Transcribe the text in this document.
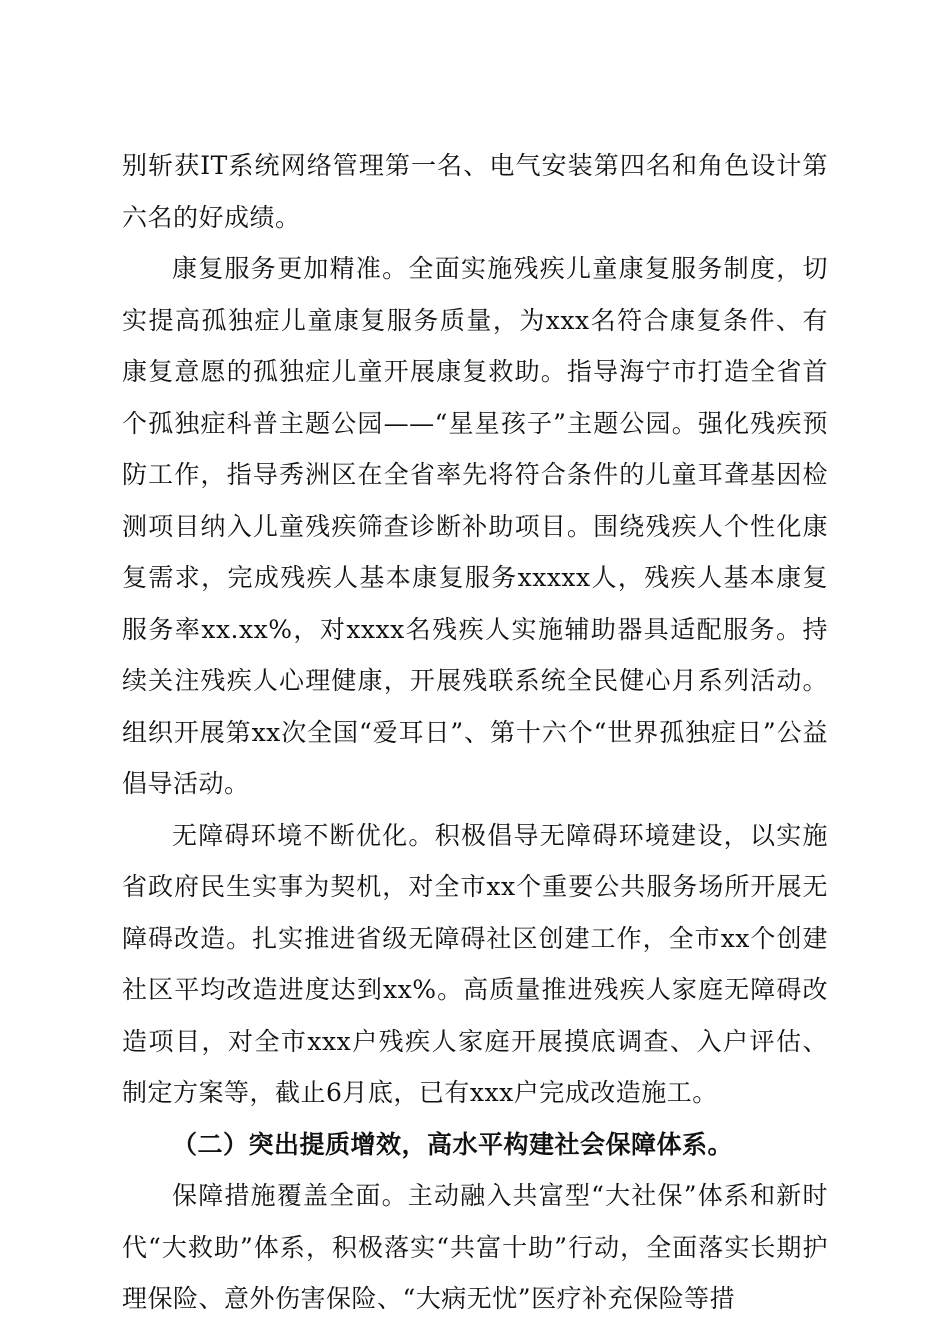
别斩获IT系统网络管理第一名、电气安装第四名和角色设计第六名的好成绩。

康复服务更加精准。全面实施残疾儿童康复服务制度，切实提高孤独症儿童康复服务质量，为xxx名符合康复条件、有康复意愿的孤独症儿童开展康复救助。指导海宁市打造全省首个孤独症科普主题公园——“星星孩子”主题公园。强化残疾预防工作，指导秀洲区在全省率先将符合条件的儿童耳聋基因检测项目纳入儿童残疾筛查诊断补助项目。围绕残疾人个性化康复需求，完成残疾人基本康复服务xxxxx人，残疾人基本康复服务率xx.xx%，对xxxx名残疾人实施辅助器具适配服务。持续关注残疾人心理健康，开展残联系统全民健心月系列活动。组织开展第xx次全国“爱耳日”、第十六个“世界孤独症日”公益倡导活动。

无障碍环境不断优化。积极倡导无障碍环境建设，以实施省政府民生实事为契机，对全市xx个重要公共服务场所开展无障碍改造。扎实推进省级无障碍社区创建工作，全市xx个创建社区平均改造进度达到xx%。高质量推进残疾人家庭无障碍改造项目，对全市xxx户残疾人家庭开展摸底调查、入户评估、制定方案等，截止6月底，已有xxx户完成改造施工。

（二）突出提质增效，高水平构建社会保障体系。

保障措施覆盖全面。主动融入共富型“大社保”体系和新时代“大救助”体系，积极落实“共富十助”行动，全面落实长期护理保险、意外伤害保险、“大病无忧”医疗补充保险等措
